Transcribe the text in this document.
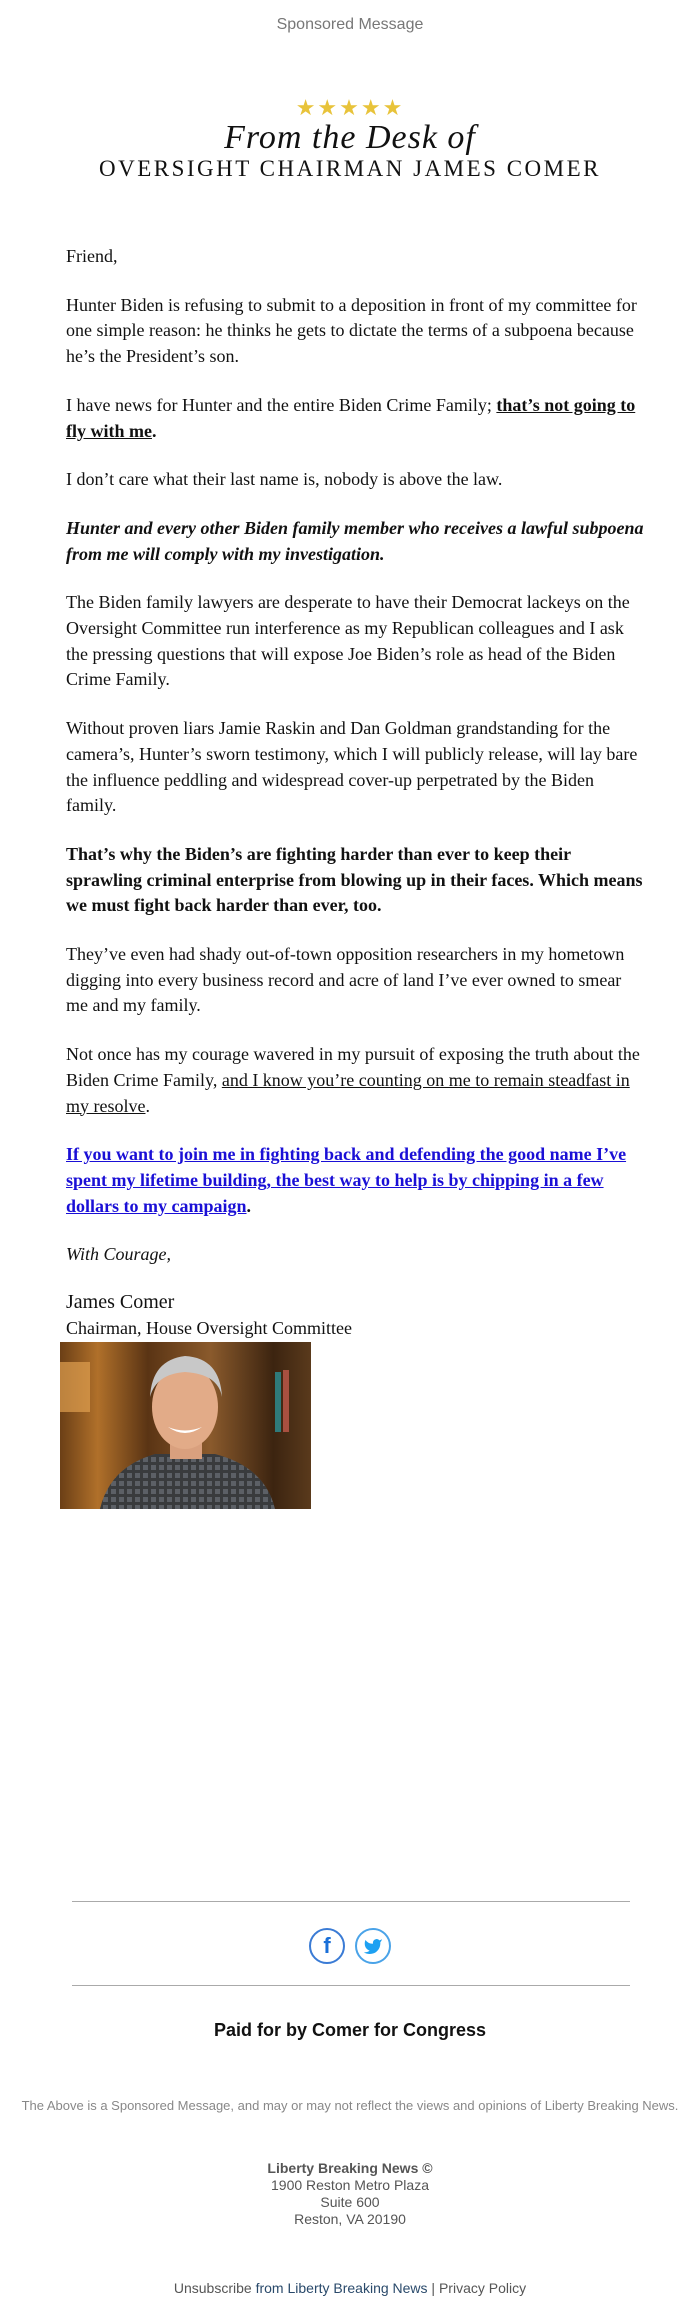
Sponsored Message
★★★★★
From the Desk of
OVERSIGHT CHAIRMAN JAMES COMER

Friend,

Hunter Biden is refusing to submit to a deposition in front of my committee for one simple reason: he thinks he gets to dictate the terms of a subpoena because he’s the President’s son.

I have news for Hunter and the entire Biden Crime Family; that’s not going to fly with me.

I don’t care what their last name is, nobody is above the law.

Hunter and every other Biden family member who receives a lawful subpoena from me will comply with my investigation.

The Biden family lawyers are desperate to have their Democrat lackeys on the Oversight Committee run interference as my Republican colleagues and I ask the pressing questions that will expose Joe Biden’s role as head of the Biden Crime Family.

Without proven liars Jamie Raskin and Dan Goldman grandstanding for the camera’s, Hunter’s sworn testimony, which I will publicly release, will lay bare the influence peddling and widespread cover-up perpetrated by the Biden family.

That’s why the Biden’s are fighting harder than ever to keep their sprawling criminal enterprise from blowing up in their faces. Which means we must fight back harder than ever, too.

They’ve even had shady out-of-town opposition researchers in my hometown digging into every business record and acre of land I’ve ever owned to smear me and my family.

Not once has my courage wavered in my pursuit of exposing the truth about the Biden Crime Family, and I know you’re counting on me to remain steadfast in my resolve.

If you want to join me in fighting back and defending the good name I’ve spent my lifetime building, the best way to help is by chipping in a few dollars to my campaign.

With Courage,

James Comer

Chairman, House Oversight Committee

f

Paid for by Comer for Congress
The Above is a Sponsored Message, and may or may not reflect the views and opinions of Liberty Breaking News.
Liberty Breaking News ©
1900 Reston Metro Plaza
Suite 600
Reston, VA 20190
Unsubscribe from Liberty Breaking News | Privacy Policy
